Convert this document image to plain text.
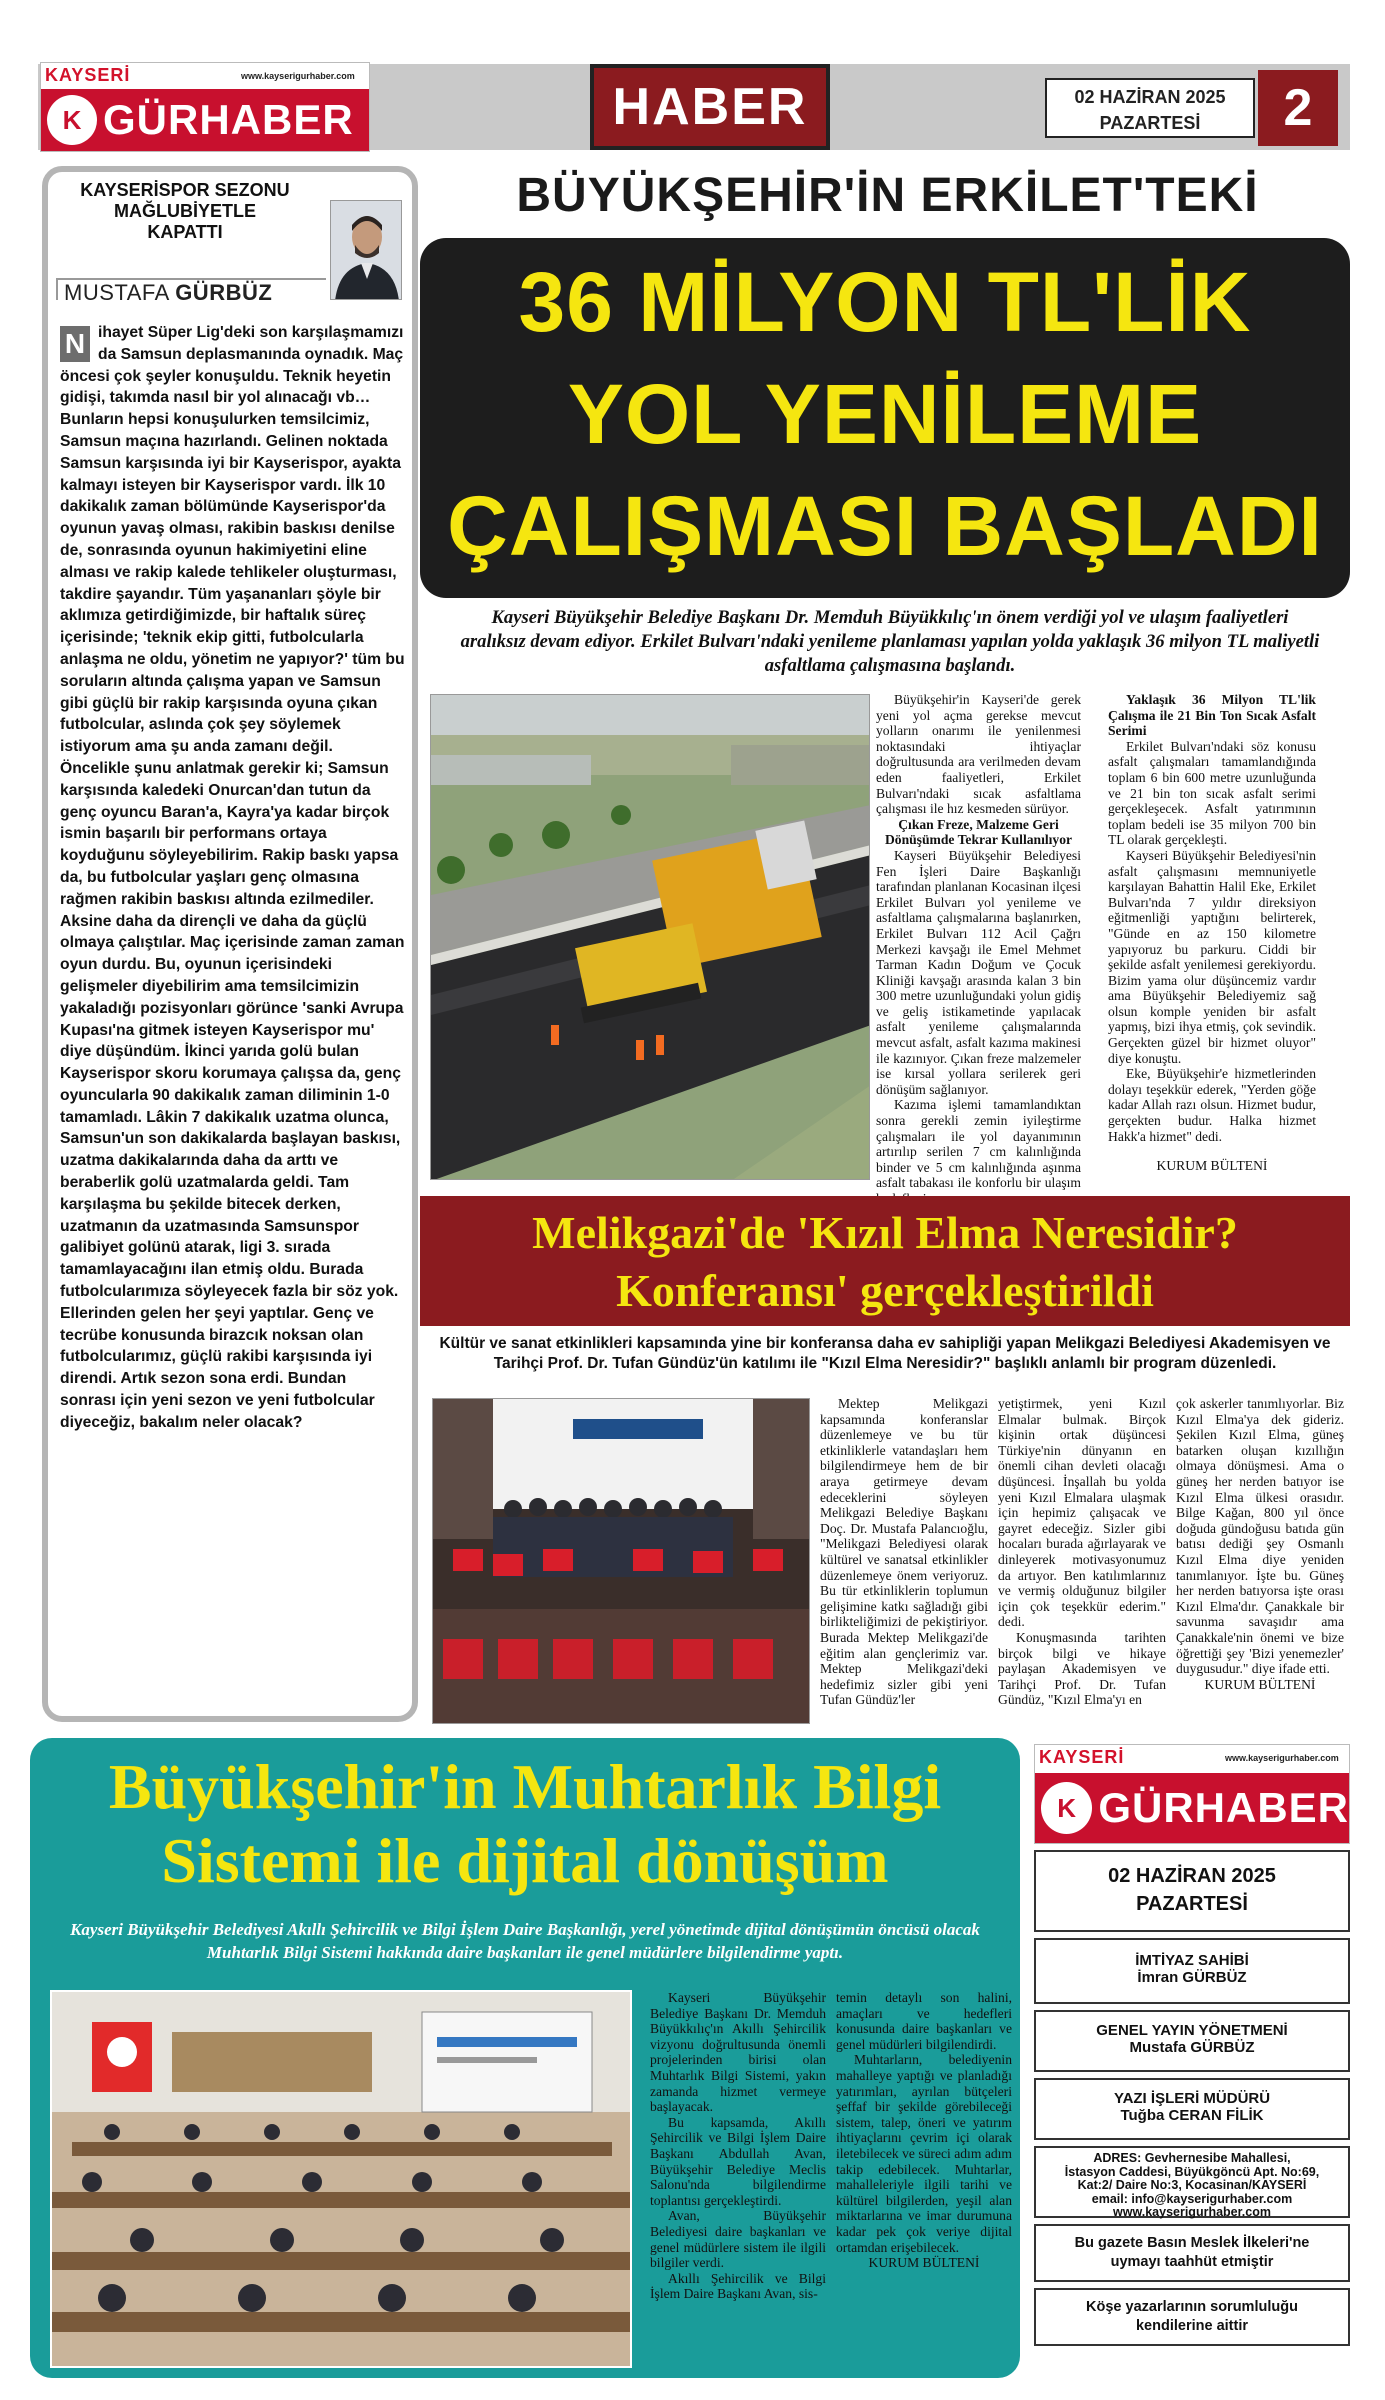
KAYSERİ	www.kayserigurhaber.com
K GÜR HABER	HABER	02 HAZİRAN 2025
PAZARTESİ	2
KAYSERİSPOR SEZONU MAĞLUBİYETLE KAPATTI
MUSTAFA GÜRBÜZ
N ihayet Süper Lig'deki son karşılaşmamızı da Samsun deplasmanında oynadık. Maç öncesi çok şeyler konuşuldu. Teknik heyetin gidişi, takımda nasıl bir yol alınacağı vb… Bunların hepsi konuşulurken temsilcimiz, Samsun maçına hazırlandı. Gelinen noktada Samsun karşısında iyi bir Kayserispor, ayakta kalmayı isteyen bir Kayserispor vardı. İlk 10 dakikalık zaman bölümünde Kayserispor'da oyunun yavaş olması, rakibin baskısı denilse de, sonrasında oyunun hakimiyetini eline alması ve rakip kalede tehlikeler oluşturması, takdire şayandır. Tüm yaşananları şöyle bir aklımıza getirdiğimizde, bir haftalık süreç içerisinde; 'teknik ekip gitti, futbolcularla anlaşma ne oldu, yönetim ne yapıyor?' tüm bu soruların altında çalışma yapan ve Samsun gibi güçlü bir rakip karşısında oyuna çıkan futbolcular, aslında çok şey söylemek istiyorum ama şu anda zamanı değil. Öncelikle şunu anlatmak gerekir ki; Samsun karşısında kaledeki Onurcan'dan tutun da genç oyuncu Baran'a, Kayra'ya kadar birçok ismin başarılı bir performans ortaya koyduğunu söyleyebilirim. Rakip baskı yapsa da, bu futbolcular yaşları genç olmasına rağmen rakibin baskısı altında ezilmediler. Aksine daha da dirençli ve daha da güçlü olmaya çalıştılar. Maç içerisinde zaman zaman oyun durdu. Bu, oyunun içerisindeki gelişmeler diyebilirim ama temsilcimizin yakaladığı pozisyonları görünce 'sanki Avrupa Kupası'na gitmek isteyen Kayserispor mu' diye düşündüm. İkinci yarıda golü bulan Kayserispor skoru korumaya çalışsa da, genç oyuncularla 90 dakikalık zaman diliminin 1-0 tamamladı. Lâkin 7 dakikalık uzatma olunca, Samsun'un son dakikalarda başlayan baskısı, uzatma dakikalarında daha da arttı ve beraberlik golü uzatmalarda geldi. Tam karşılaşma bu şekilde bitecek derken, uzatmanın da uzatmasında Samsunspor galibiyet golünü atarak, ligi 3. sırada tamamlayacağını ilan etmiş oldu. Burada futbolcularımıza söyleyecek fazla bir söz yok. Ellerinden gelen her şeyi yaptılar. Genç ve tecrübe konusunda birazcık noksan olan futbolcularımız, güçlü rakibi karşısında iyi direndi. Artık sezon sona erdi. Bundan sonrası için yeni sezon ve yeni futbolcular diyeceğiz, bakalım neler olacak?
BÜYÜKŞEHİR'İN ERKİLET'TEKİ
36 MİLYON TL'LİK
YOL YENİLEME
ÇALIŞMASI BAŞLADI
Kayseri Büyükşehir Belediye Başkanı Dr. Memduh Büyükkılıç'ın önem verdiği yol ve ulaşım faaliyetleri aralıksız devam ediyor. Erkilet Bulvarı'ndaki yenileme planlaması yapılan yolda yaklaşık 36 milyon TL maliyetli asfaltlama çalışmasına başlandı.

Büyükşehir'in Kayseri'de gerek yeni yol açma gerekse mevcut yolların onarımı ile yenilenmesi noktasındaki ihtiyaçlar doğrultusunda ara verilmeden devam eden faaliyetleri, Erkilet Bulvarı'ndaki sıcak asfaltlama çalışması ile hız kesmeden sürüyor.

Çıkan Freze, Malzeme Geri Dönüşümde Tekrar Kullanılıyor

Kayseri Büyükşehir Belediyesi Fen İşleri Daire Başkanlığı tarafından planlanan Kocasinan ilçesi Erkilet Bulvarı yol yenileme ve asfaltlama çalışmalarına başlanırken, Erkilet Bulvarı 112 Acil Çağrı Merkezi kavşağı ile Emel Mehmet Tarman Kadın Doğum ve Çocuk Kliniği kavşağı arasında kalan 3 bin 300 metre uzunluğundaki yolun gidiş ve geliş istikametinde yapılacak asfalt yenileme çalışmalarında mevcut asfalt, asfalt kazıma makinesi ile kazınıyor. Çıkan freze malzemeler ise kırsal yollara serilerek geri dönüşüm sağlanıyor.

Kazıma işlemi tamamlandıktan sonra gerekli zemin iyileştirme çalışmaları ile yol dayanımının artırılıp serilen 7 cm kalınlığında binder ve 5 cm kalınlığında aşınma asfalt tabakası ile konforlu bir ulaşım

Yaklaşık 36 Milyon TL'lik Çalışma ile 21 Bin Ton Sıcak Asfalt Serimi

Erkilet Bulvarı'ndaki söz konusu asfalt çalışmaları tamamlandığında toplam 6 bin 600 metre uzunluğunda ve 21 bin ton sıcak asfalt serimi gerçekleşecek. Asfalt yatırımının toplam bedeli ise 35 milyon 700 bin TL olarak gerçekleşti.

Kayseri Büyükşehir Belediyesi'nin asfalt çalışmasını memnuniyetle karşılayan Bahattin Halil Eke, Erkilet Bulvarı'nda 7 yıldır direksiyon eğitmenliği yaptığını belirterek, "Günde en az 150 kilometre yapıyoruz bu parkuru. Ciddi bir şekilde asfalt yenilemesi gerekiyordu. Bizim yama olur düşüncemiz vardır ama Büyükşehir Belediyemiz sağ olsun komple yeniden bir asfalt yapmış, bizi ihya etmiş, çok sevindik. Gerçekten güzel bir hizmet oluyor" diye konuştu.

Eke, Büyükşehir'e hizmetlerinden dolayı teşekkür ederek, "Yerden göğe kadar Allah razı olsun. Hizmet budur, gerçekten budur. Halka hizmet Hakk'a hizmet" dedi.

KURUM BÜLTENİ

Melikgazi'de 'Kızıl Elma Neresidir?
Konferansı' gerçekleştirildi
Kültür ve sanat etkinlikleri kapsamında yine bir konferansa daha ev sahipliği yapan Melikgazi Belediyesi Akademisyen ve Tarihçi Prof. Dr. Tufan Gündüz'ün katılımı ile "Kızıl Elma Neresidir?" başlıklı anlamlı bir program düzenledi.

Mektep Melikgazi kapsamında konferanslar düzenlemeye ve bu tür etkinliklerle vatandaşları hem bilgilendirmeye hem de bir araya getirmeye devam edeceklerini söyleyen Melikgazi Belediye Başkanı Doç. Dr. Mustafa Palancıoğlu, "Melikgazi Belediyesi olarak kültürel ve sanatsal etkinlikler düzenlemeye önem veriyoruz. Bu tür etkinliklerin toplumun gelişimine katkı sağladığı gibi birlikteliğimizi de pekiştiriyor. Burada Mektep Melikgazi'de eğitim alan gençlerimiz var. Mektep Melikgazi'deki hedefimiz sizler gibi yeni Tufan Gündüz'ler

yetiştirmek, yeni Kızıl Elmalar bulmak. Birçok kişinin ortak düşüncesi Türkiye'nin dünyanın en önemli cihan devleti olacağı düşüncesi. İnşallah bu yolda yeni Kızıl Elmalara ulaşmak için hepimiz çalışacak ve gayret edeceğiz. Sizler gibi hocaları burada ağırlayarak ve dinleyerek motivasyonumuz da artıyor. Ben katılımlarınız ve vermiş olduğunuz bilgiler için çok teşekkür ederim." dedi.

Konuşmasında tarihten birçok bilgi ve hikaye paylaşan Akademisyen ve Tarihçi Prof. Dr. Tufan Gündüz, "Kızıl Elma'yı en

çok askerler tanımlıyorlar. Biz Kızıl Elma'ya dek gideriz. Şekilen Kızıl Elma, güneş batarken oluşan kızıllığın olmaya dönüşmesi. Ama o güneş her nerden batıyor ise Kızıl Elma ülkesi orasıdır. Bilge Kağan, 800 yıl önce doğuda gündoğusu batıda gün batısı dediği şey Osmanlı Kızıl Elma diye yeniden tanımlanıyor. İşte bu. Güneş her nerden batıyorsa işte orası Kızıl Elma'dır. Çanakkale bir savunma savaşıdır ama Çanakkale'nin önemi ve bize öğrettiği şey 'Bizi yenemezler' duygusudur." diye ifade etti.

KURUM BÜLTENİ

Büyükşehir'in Muhtarlık Bilgi
Sistemi ile dijital dönüşüm
Kayseri Büyükşehir Belediyesi Akıllı Şehircilik ve Bilgi İşlem Daire Başkanlığı, yerel yönetimde dijital dönüşümün öncüsü olacak Muhtarlık Bilgi Sistemi hakkında daire başkanları ile genel müdürlere bilgilendirme yaptı.

Kayseri Büyükşehir Belediye Başkanı Dr. Memduh Büyükkılıç'ın Akıllı Şehircilik vizyonu doğrultusunda önemli projelerinden birisi olan Muhtarlık Bilgi Sistemi, yakın zamanda hizmet vermeye başlayacak.

Bu kapsamda, Akıllı Şehircilik ve Bilgi İşlem Daire Başkanı Abdullah Avan, Büyükşehir Belediye Meclis Salonu'nda bilgilendirme toplantısı gerçekleştirdi.

Avan, Büyükşehir Belediyesi daire başkanları ve genel müdürlere sistem ile ilgili bilgiler verdi.

Akıllı Şehircilik ve Bilgi İşlem Daire Başkanı Avan, sis-

temin detaylı son halini, amaçları ve hedefleri konusunda daire başkanları ve genel müdürleri bilgilendirdi.

Muhtarların, belediyenin mahalleye yaptığı ve planladığı yatırımları, ayrılan bütçeleri şeffaf bir şekilde görebileceği sistem, talep, öneri ve yatırım ihtiyaçlarını çevrim içi olarak iletebilecek ve süreci adım adım takip edebilecek. Muhtarlar, mahalleleriyle ilgili tarihi ve kültürel bilgilerden, yeşil alan miktarlarına ve imar durumuna kadar pek çok veriye dijital ortamdan erişebilecek.

KURUM BÜLTENİ

KAYSERİ	www.kayserigurhaber.com
K GÜR HABER
02 HAZİRAN 2025
PAZARTESİ
İMTİYAZ SAHİBİ
İmran GÜRBÜZ
GENEL YAYIN YÖNETMENİ
Mustafa GÜRBÜZ
YAZI İŞLERİ MÜDÜRÜ
Tuğba CERAN FİLİK
ADRES: Gevhernesibe Mahallesi,
İstasyon Caddesi, Büyükgöncü Apt. No:69,
Kat:2/ Daire No:3, Kocasinan/KAYSERİ
email: info@kayserigurhaber.com
www.kayserigurhaber.com
Bu gazete Basın Meslek İlkeleri'ne uymayı taahhüt etmiştir
Köşe yazarlarının sorumluluğu kendilerine aittir
